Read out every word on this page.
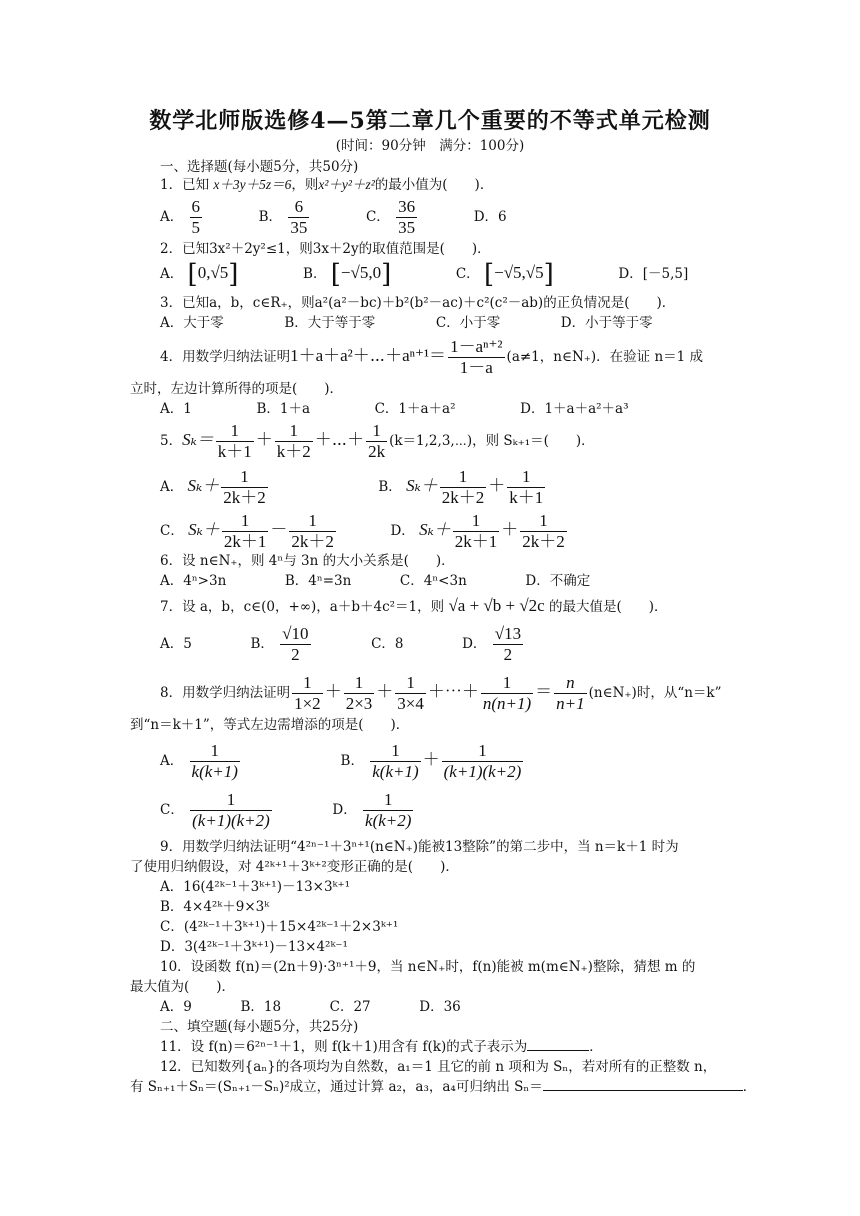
数学北师版选修4—5第二章几个重要的不等式单元检测
(时间：90分钟　满分：100分)
一、选择题(每小题5分，共50分)
1．已知 x＋3y＋5z＝6，则x²＋y²＋z²的最小值为(　　)．
A． $\frac{6}{5}$	B． $\frac{6}{35}$	C． $\frac{36}{35}$	D．6
2．已知3x²＋2y²≤1，则3x＋2y的取值范围是(　　)．
A． [0,√5]	B． [−√5,0]	C． [−√5,√5]	D．[－5,5]
3．已知a，b，c∈R₊，则a²(a²－bc)＋b²(b²－ac)＋c²(c²－ab)的正负情况是(　　)．
A．大于零	B．大于等于零	C．小于零	D．小于等于零
4．用数学归纳法证明1＋a＋a²＋⋯＋aⁿ⁺¹＝ $\frac{\text{1－aⁿ⁺²}}{1-a} (a\ne 1$，n∈N₊)．在验证 n＝1 成
立时，左边计算所得的项是(　　)．
A．1	B．1＋a	C．1＋a＋a²	D．1＋a＋a²＋a³
5．$S_k= \frac{1}{k+1} + \frac{1}{k+2}$ ＋⋯＋ $\frac{1}{2k}$ (k＝1,2,3,⋯)，则 Sₖ₊₁＝(　　)．
A． $S_k+ \frac{1}{2k+2}$	B． $S_k+ \frac{1}{2k+2} + \frac{1}{k+1}$
C． $S_k+ \frac{1}{2k+1} - \frac{1}{2k+2}$	D． $S_k+ \frac{1}{2k+1} + \frac{1}{2k+2}$
6．设 n∈N₊，则 4ⁿ与 3n 的大小关系是(　　)．
A．4ⁿ>3n	B．4ⁿ=3n	C．4ⁿ<3n	D．不确定
7．设 a，b，c∈(0，+∞)，a＋b＋4c²＝1，则 √a + √b + √2c 的最大值是(　　)．
A．5	B． $\frac{√10}{2}$	C．8	D． $\frac{√13}{2}$
8．用数学归纳法证明 $\frac{1}{1\times 2} + \frac{1}{2\times 3} + \frac{1}{3\times 4}$ ＋⋯＋ $\frac{1}{n(n+1)} = \frac{n}{n+1}$ (n∈N₊)时，从“n＝k”
到“n＝k＋1”，等式左边需增添的项是(　　)．
A． $\frac{1}{k(k+1)}$	B． $\frac{1}{k(k+1)} + \frac{1}{(k+1)(k+2)}$
C． $\frac{1}{(k+1)(k+2)}$	D． $\frac{1}{k(k+2)}$
9．用数学归纳法证明“4²ⁿ⁻¹＋3ⁿ⁺¹(n∈N₊)能被13整除”的第二步中，当 n＝k＋1 时为
了使用归纳假设，对 4²ᵏ⁺¹＋3ᵏ⁺²变形正确的是(　　)．
A．16(4²ᵏ⁻¹＋3ᵏ⁺¹)－13×3ᵏ⁺¹
B．4×4²ᵏ＋9×3ᵏ
C．(4²ᵏ⁻¹＋3ᵏ⁺¹)＋15×4²ᵏ⁻¹＋2×3ᵏ⁺¹
D．3(4²ᵏ⁻¹＋3ᵏ⁺¹)－13×4²ᵏ⁻¹
10．设函数 f(n)＝(2n＋9)·3ⁿ⁺¹＋9，当 n∈N₊时，f(n)能被 m(m∈N₊)整除，猜想 m 的
最大值为(　　)．
A．9	B．18	C．27	D．36
二、填空题(每小题5分，共25分)
11．设 f(n)＝6²ⁿ⁻¹＋1，则 f(k＋1)用含有 f(k)的式子表示为	．
12．已知数列{aₙ}的各项均为自然数，a₁＝1 且它的前 n 项和为 Sₙ，若对所有的正整数 n，
有 Sₙ₊₁＋Sₙ＝(Sₙ₊₁－Sₙ)²成立，通过计算 a₂，a₃，a₄可归纳出 Sₙ＝	．
